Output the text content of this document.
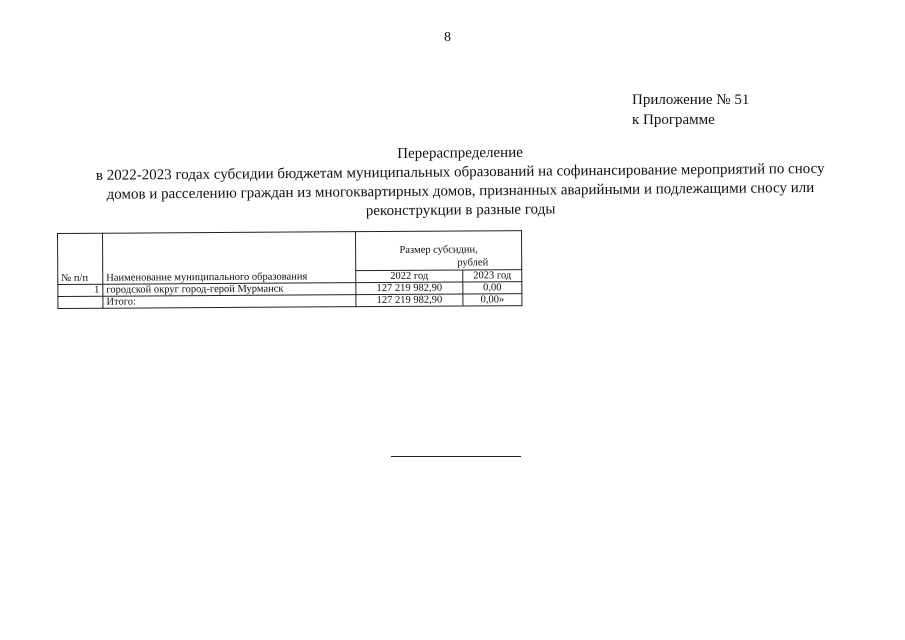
8
Приложение № 51
к Программе
Перераспределение
в 2022-2023 годах субсидии бюджетам муниципальных образований на софинансирование мероприятий по сносу
домов и расселению граждан из многоквартирных домов, признанных аварийными и подлежащими сносу или
реконструкции в разные годы
№ п/п	Наименование муниципального образования	Размер субсидии,
рублей	

		2022 год	2023 год
1	городской округ город-герой Мурманск	127 219 982,90	0,00
	Итого:	127 219 982,90	0,00»
